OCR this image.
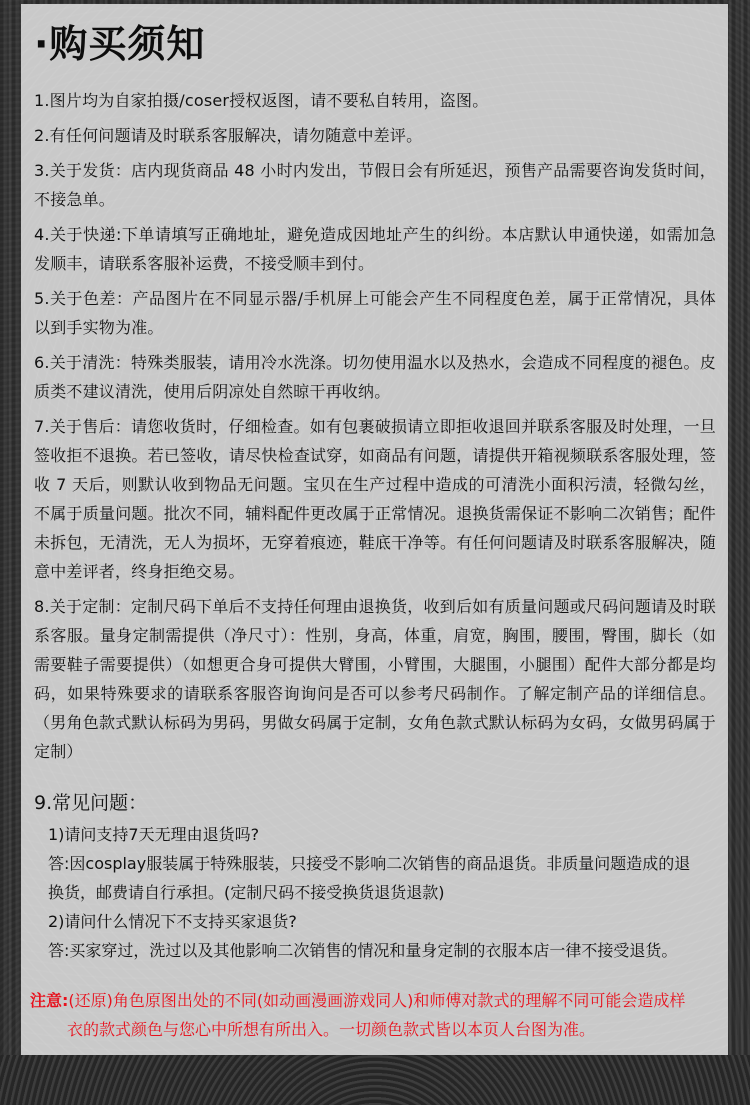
·购买须知

1.图片均为自家拍摄/coser授权返图，请不要私自转用，盗图。

2.有任何问题请及时联系客服解决，请勿随意中差评。

3.关于发货：店内现货商品 48 小时内发出，节假日会有所延迟，预售产品需要咨询发货时间，不接急单。

4.关于快递:下单请填写正确地址，避免造成因地址产生的纠纷。本店默认申通快递，如需加急发顺丰，请联系客服补运费，不接受顺丰到付。

5.关于色差：产品图片在不同显示器/手机屏上可能会产生不同程度色差，属于正常情况，具体以到手实物为准。

6.关于清洗：特殊类服装，请用冷水洗涤。切勿使用温水以及热水，会造成不同程度的褪色。皮质类不建议清洗，使用后阴凉处自然晾干再收纳。

7.关于售后：请您收货时，仔细检查。如有包裹破损请立即拒收退回并联系客服及时处理，一旦签收拒不退换。若已签收，请尽快检查试穿，如商品有问题，请提供开箱视频联系客服处理，签收 7 天后，则默认收到物品无问题。宝贝在生产过程中造成的可清洗小面积污渍，轻微勾丝，不属于质量问题。批次不同，辅料配件更改属于正常情况。退换货需保证不影响二次销售；配件未拆包，无清洗，无人为损坏，无穿着痕迹，鞋底干净等。有任何问题请及时联系客服解决，随意中差评者，终身拒绝交易。

8.关于定制：定制尺码下单后不支持任何理由退换货，收到后如有质量问题或尺码问题请及时联系客服。量身定制需提供（净尺寸）：性别，身高，体重，肩宽，胸围，腰围，臀围，脚长（如需要鞋子需要提供）（如想更合身可提供大臂围，小臂围，大腿围，小腿围）配件大部分都是均码，如果特殊要求的请联系客服咨询询问是否可以参考尺码制作。了解定制产品的详细信息。（男角色款式默认标码为男码，男做女码属于定制，女角色款式默认标码为女码，女做男码属于定制）

9.常见问题：
1)请问支持7天无理由退货吗?
答:因cosplay服装属于特殊服装，只接受不影响二次销售的商品退货。非质量问题造成的退
换货，邮费请自行承担。(定制尺码不接受换货退货退款)
2)请问什么情况下不支持买家退货?
答:买家穿过，洗过以及其他影响二次销售的情况和量身定制的衣服本店一律不接受退货。
注意:(还原)角色原图出处的不同(如动画漫画游戏同人)和师傅对款式的理解不同可能会造成样
衣的款式颜色与您心中所想有所出入。一切颜色款式皆以本页人台图为准。
